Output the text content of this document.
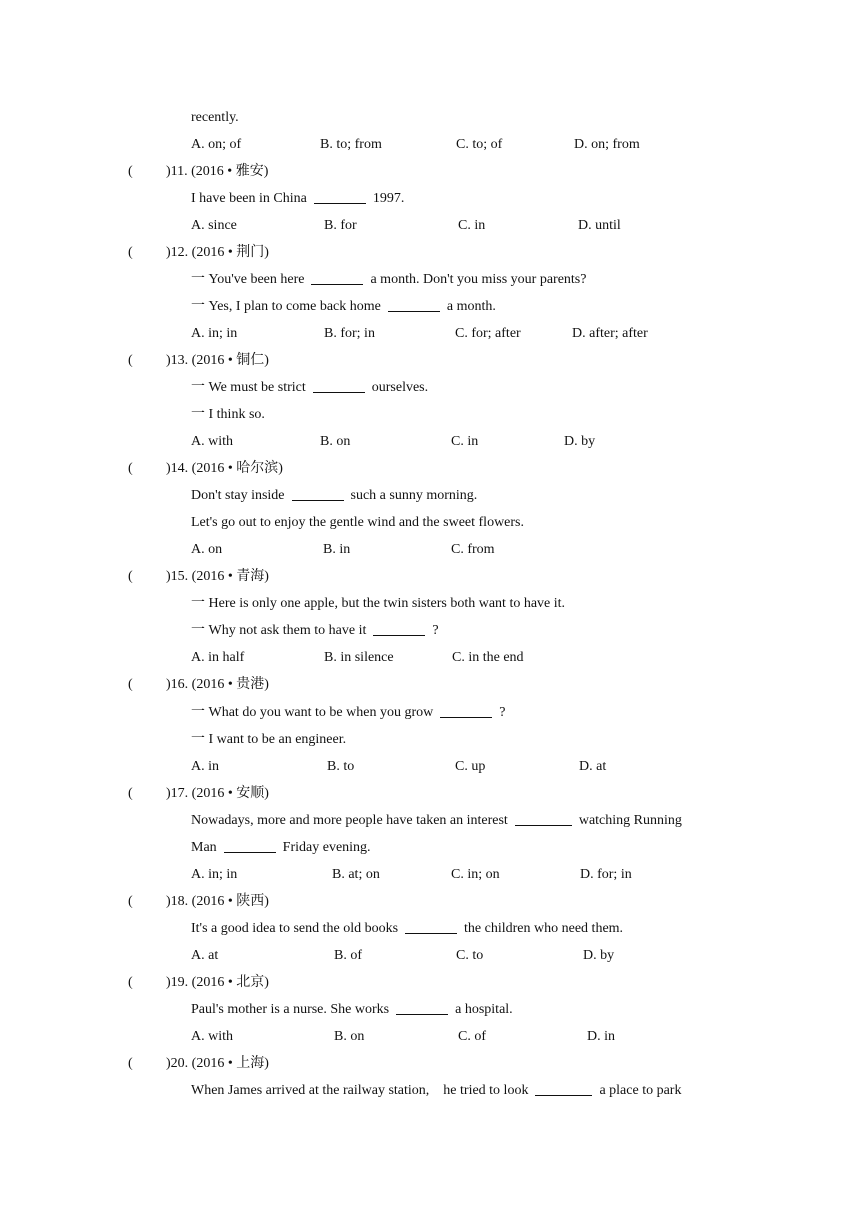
recently.
A. on; of	B. to; from	C. to; of	D. on; from
( )11. (2016 • 雅安)
I have been in China	1997.
A. since	B. for	C. in	D. until
( )12. (2016 • 荆门)
一 You've been here	a month. Don't you miss your parents?
一 Yes, I plan to come back home	a month.
A. in; in	B. for; in	C. for; after	D. after; after
( )13. (2016 • 铜仁)
一 We must be strict	ourselves.
一 I think so.
A. with	B. on	C. in	D. by
( )14. (2016 • 哈尔滨)
Don't stay inside	such a sunny morning.
Let's go out to enjoy the gentle wind and the sweet flowers.
A. on	B. in	C. from
( )15. (2016 • 青海)
一 Here is only one apple, but the twin sisters both want to have it.
一 Why not ask them to have it	?
A. in half	B. in silence	C. in the end
( )16. (2016 • 贵港)
一 What do you want to be when you grow	?
一 I want to be an engineer.
A. in	B. to	C. up	D. at
( )17. (2016 • 安顺)
Nowadays, more and more people have taken an interest	watching Running
Man	Friday evening.
A. in; in	B. at; on	C. in; on	D. for; in
( )18. (2016 • 陕西)
It's a good idea to send the old books	the children who need them.
A. at	B. of	C. to	D. by
( )19. (2016 • 北京)
Paul's mother is a nurse. She works	a hospital.
A. with	B. on	C. of	D. in
( )20. (2016 • 上海)
When James arrived at the railway station,    he tried to look	a place to park
